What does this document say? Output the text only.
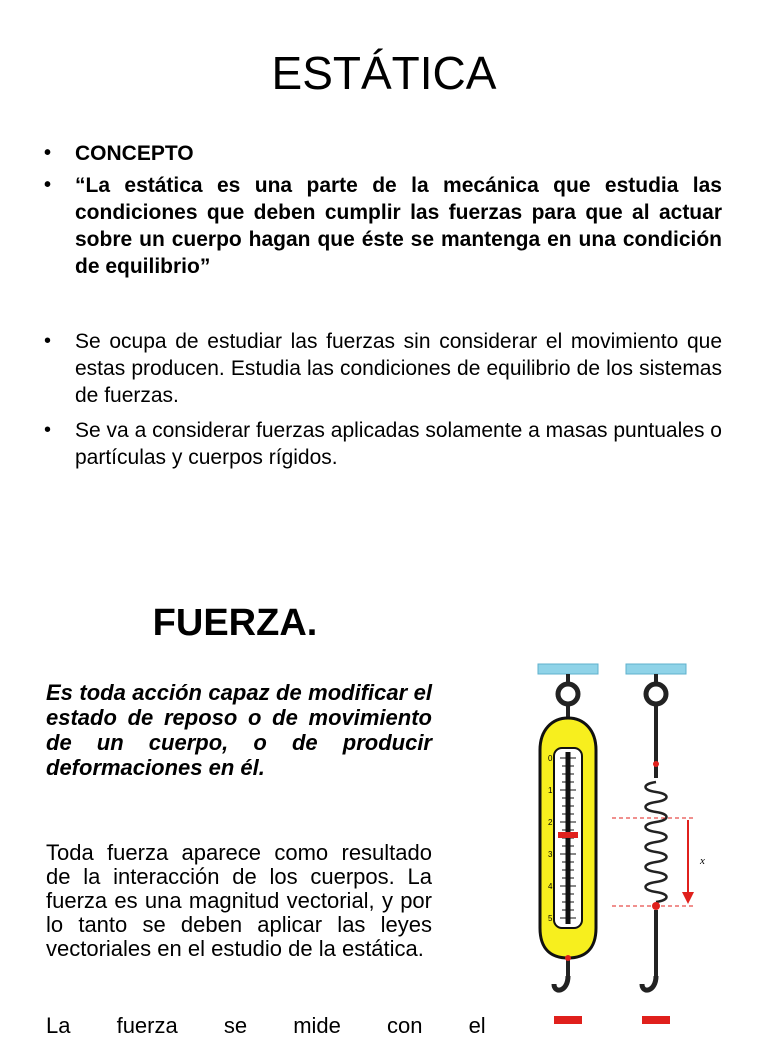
ESTÁTICA
• CONCEPTO
• “La estática es una parte de la mecánica que estudia las condiciones que deben cumplir las fuerzas para que al actuar sobre un cuerpo hagan que éste se mantenga en una condición de equilibrio”
• Se ocupa de estudiar las fuerzas sin considerar el movimiento que estas producen. Estudia las condiciones de equilibrio de los sistemas de fuerzas.
• Se va a considerar fuerzas aplicadas solamente a masas puntuales o partículas y cuerpos rígidos.
FUERZA.

Es toda acción capaz de modificar el estado de reposo o de movimiento de un cuerpo, o de producir deformaciones en él.

Toda fuerza aparece como resultado de la interacción de los cuerpos. La fuerza es una magnitud vectorial, y por lo tanto se deben aplicar las leyes vectoriales en el estudio de la estática.

La fuerza se mide con el

0
1
2
3
4
5
x
